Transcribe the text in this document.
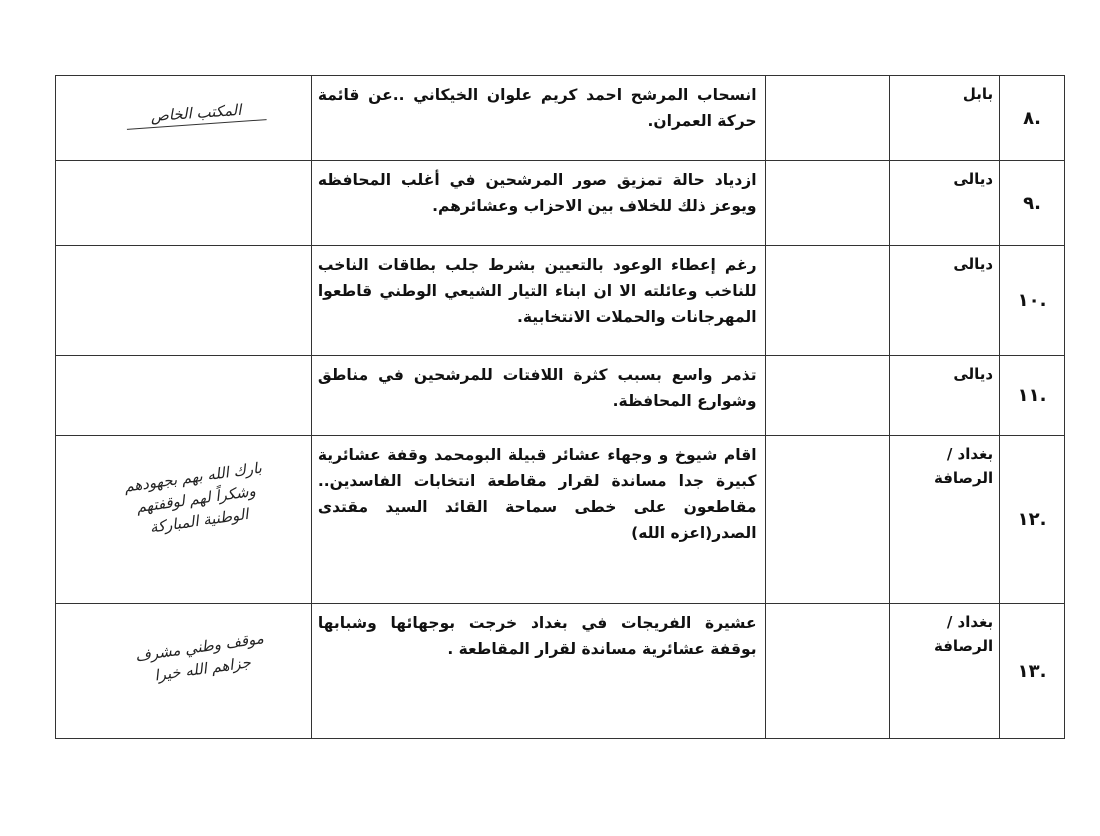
.٨	بابل		انسحاب المرشح احمد كريم علوان الخيكاني ..عن قائمة حركة العمران.	المكتب الخاص

.٩	ديالى		ازدياد حالة تمزيق صور المرشحين في أغلب المحافظه ويوعز ذلك للخلاف بين الاحزاب وعشائرهم.	
.١٠	ديالى		رغم إعطاء الوعود بالتعيين بشرط جلب بطاقات الناخب للناخب وعائلته الا ان ابناء التيار الشيعي الوطني قاطعوا المهرجانات والحملات الانتخابية.	
.١١	ديالى		تذمر واسع بسبب كثرة اللافتات للمرشحين في مناطق وشوارع المحافظة.	
.١٢	بغداد / الرصافة		اقام شيوخ و وجهاء عشائر قبيلة البومحمد وقفة عشائرية كبيرة جدا مساندة لقرار مقاطعة انتخابات الفاسدين.. مقاطعون على خطى سماحة القائد السيد مقتدى الصدر(اعزه الله)	بارك الله بهم بجهودهم وشكراً لهم لوقفتهم الوطنية المباركة

.١٣	بغداد / الرصافة		عشيرة الفريجات في بغداد خرجت بوجهائها وشبابها بوقفة عشائرية مساندة لقرار المقاطعة .	موقف وطني مشرف جزاهم الله خيرا
